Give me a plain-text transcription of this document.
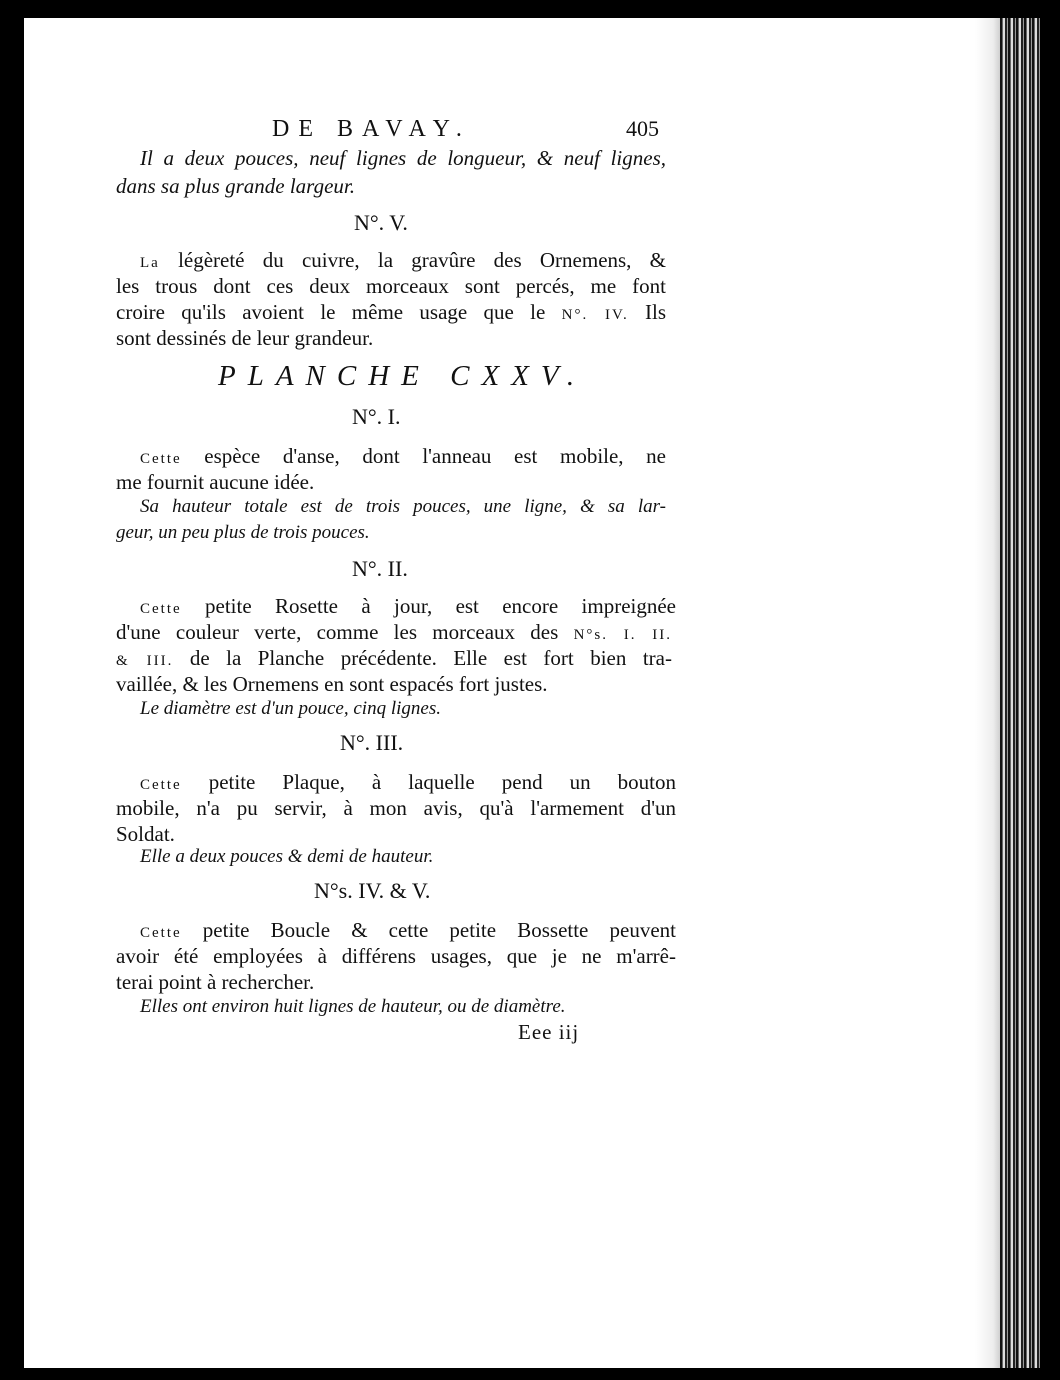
DE BAVAY.	405
Il a deux pouces, neuf lignes de longueur, & neuf lignes,
dans sa plus grande largeur.
N°. V.
La légèreté du cuivre, la gravûre des Ornemens, &
les trous dont ces deux morceaux sont percés, me font
croire qu'ils avoient le même usage que le N°. IV. Ils
sont dessinés de leur grandeur.
PLANCHE CXXV.
N°. I.
Cette espèce d'anse, dont l'anneau est mobile, ne
me fournit aucune idée.
Sa hauteur totale est de trois pouces, une ligne, & sa lar-
geur, un peu plus de trois pouces.
N°. II.
Cette petite Rosette à jour, est encore impreignée
d'une couleur verte, comme les morceaux des N°s. I. II.
& III. de la Planche précédente. Elle est fort bien tra-
vaillée, & les Ornemens en sont espacés fort justes.
Le diamètre est d'un pouce, cinq lignes.
N°. III.
Cette petite Plaque, à laquelle pend un bouton
mobile, n'a pu servir, à mon avis, qu'à l'armement d'un
Soldat.
Elle a deux pouces & demi de hauteur.
N°s. IV. & V.
Cette petite Boucle & cette petite Bossette peuvent
avoir été employées à différens usages, que je ne m'arrê-
terai point à rechercher.
Elles ont environ huit lignes de hauteur, ou de diamètre.
Eee iij
